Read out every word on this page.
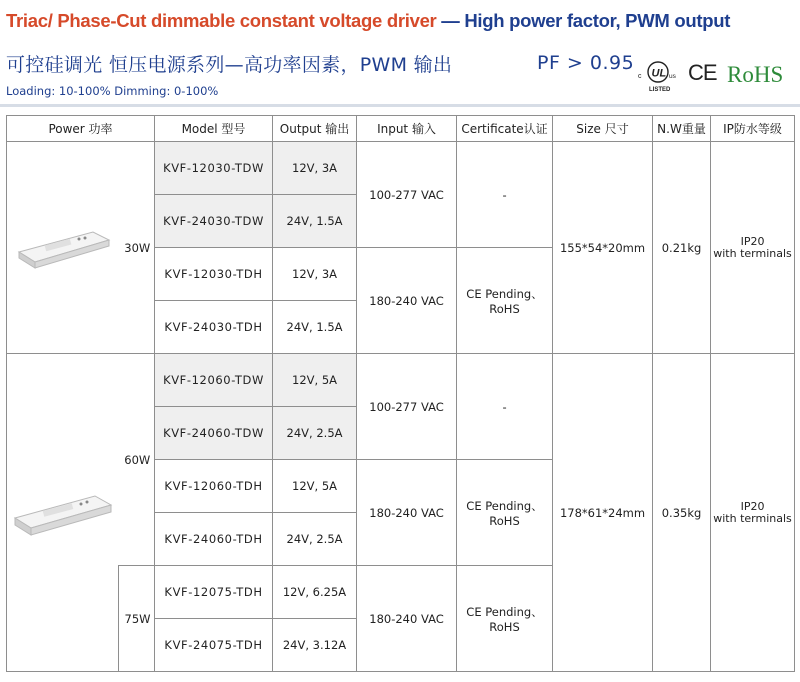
Triac/ Phase-Cut dimmable constant voltage driver — High power factor, PWM output
可控硅调光 恒压电源系列—高功率因素，PWM 输出	PF > 0.95
Loading: 10-100% Dimming: 0-100%
c UL us
LISTED
CE RoHS
Power 功率		Model 型号	Output 输出	Input 输入	Certificate认证	Size 尺寸	N.W重量	IP防水等级

	30W	KVF-12030-TDW	12V, 3A	100-277 VAC	-	155*54*20mm	0.21kg	IP20
with terminals

		KVF-24030-TDW	24V, 1.5A					
		KVF-12030-TDH	12V, 3A	180-240 VAC	CE Pending、RoHS			
		KVF-24030-TDH	24V, 1.5A					

	60W	KVF-12060-TDW	12V, 5A	100-277 VAC	-	178*61*24mm	0.35kg	IP20
with terminals

		KVF-24060-TDW	24V, 2.5A					
		KVF-12060-TDH	12V, 5A	180-240 VAC	CE Pending、RoHS			
		KVF-24060-TDH	24V, 2.5A					
	75W	KVF-12075-TDH	12V, 6.25A	180-240 VAC	CE Pending、RoHS			
		KVF-24075-TDH	24V, 3.12A					
